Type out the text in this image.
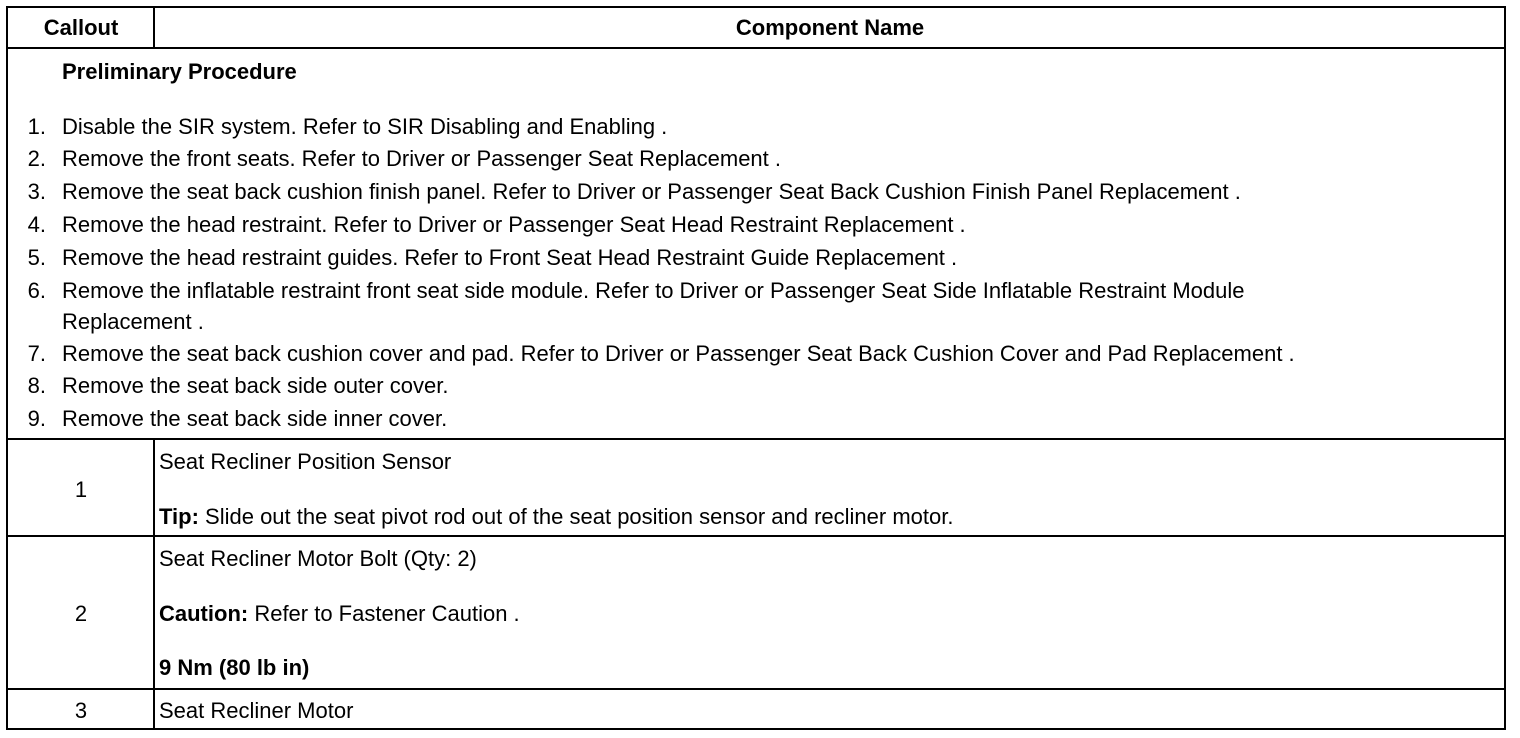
Callout	Component Name
Preliminary Procedure
1. Disable the SIR system. Refer to SIR Disabling and Enabling .
2. Remove the front seats. Refer to Driver or Passenger Seat Replacement .
3. Remove the seat back cushion finish panel. Refer to Driver or Passenger Seat Back Cushion Finish Panel Replacement .
4. Remove the head restraint. Refer to Driver or Passenger Seat Head Restraint Replacement .
5. Remove the head restraint guides. Refer to Front Seat Head Restraint Guide Replacement .
6. Remove the inflatable restraint front seat side module. Refer to Driver or Passenger Seat Side Inflatable Restraint Module
Replacement .
7. Remove the seat back cushion cover and pad. Refer to Driver or Passenger Seat Back Cushion Cover and Pad Replacement .
8. Remove the seat back side outer cover.
9. Remove the seat back side inner cover.
1
Seat Recliner Position Sensor
Tip: Slide out the seat pivot rod out of the seat position sensor and recliner motor.
2
Seat Recliner Motor Bolt (Qty: 2)
Caution: Refer to Fastener Caution .
9 Nm (80 lb in)
3	Seat Recliner Motor
